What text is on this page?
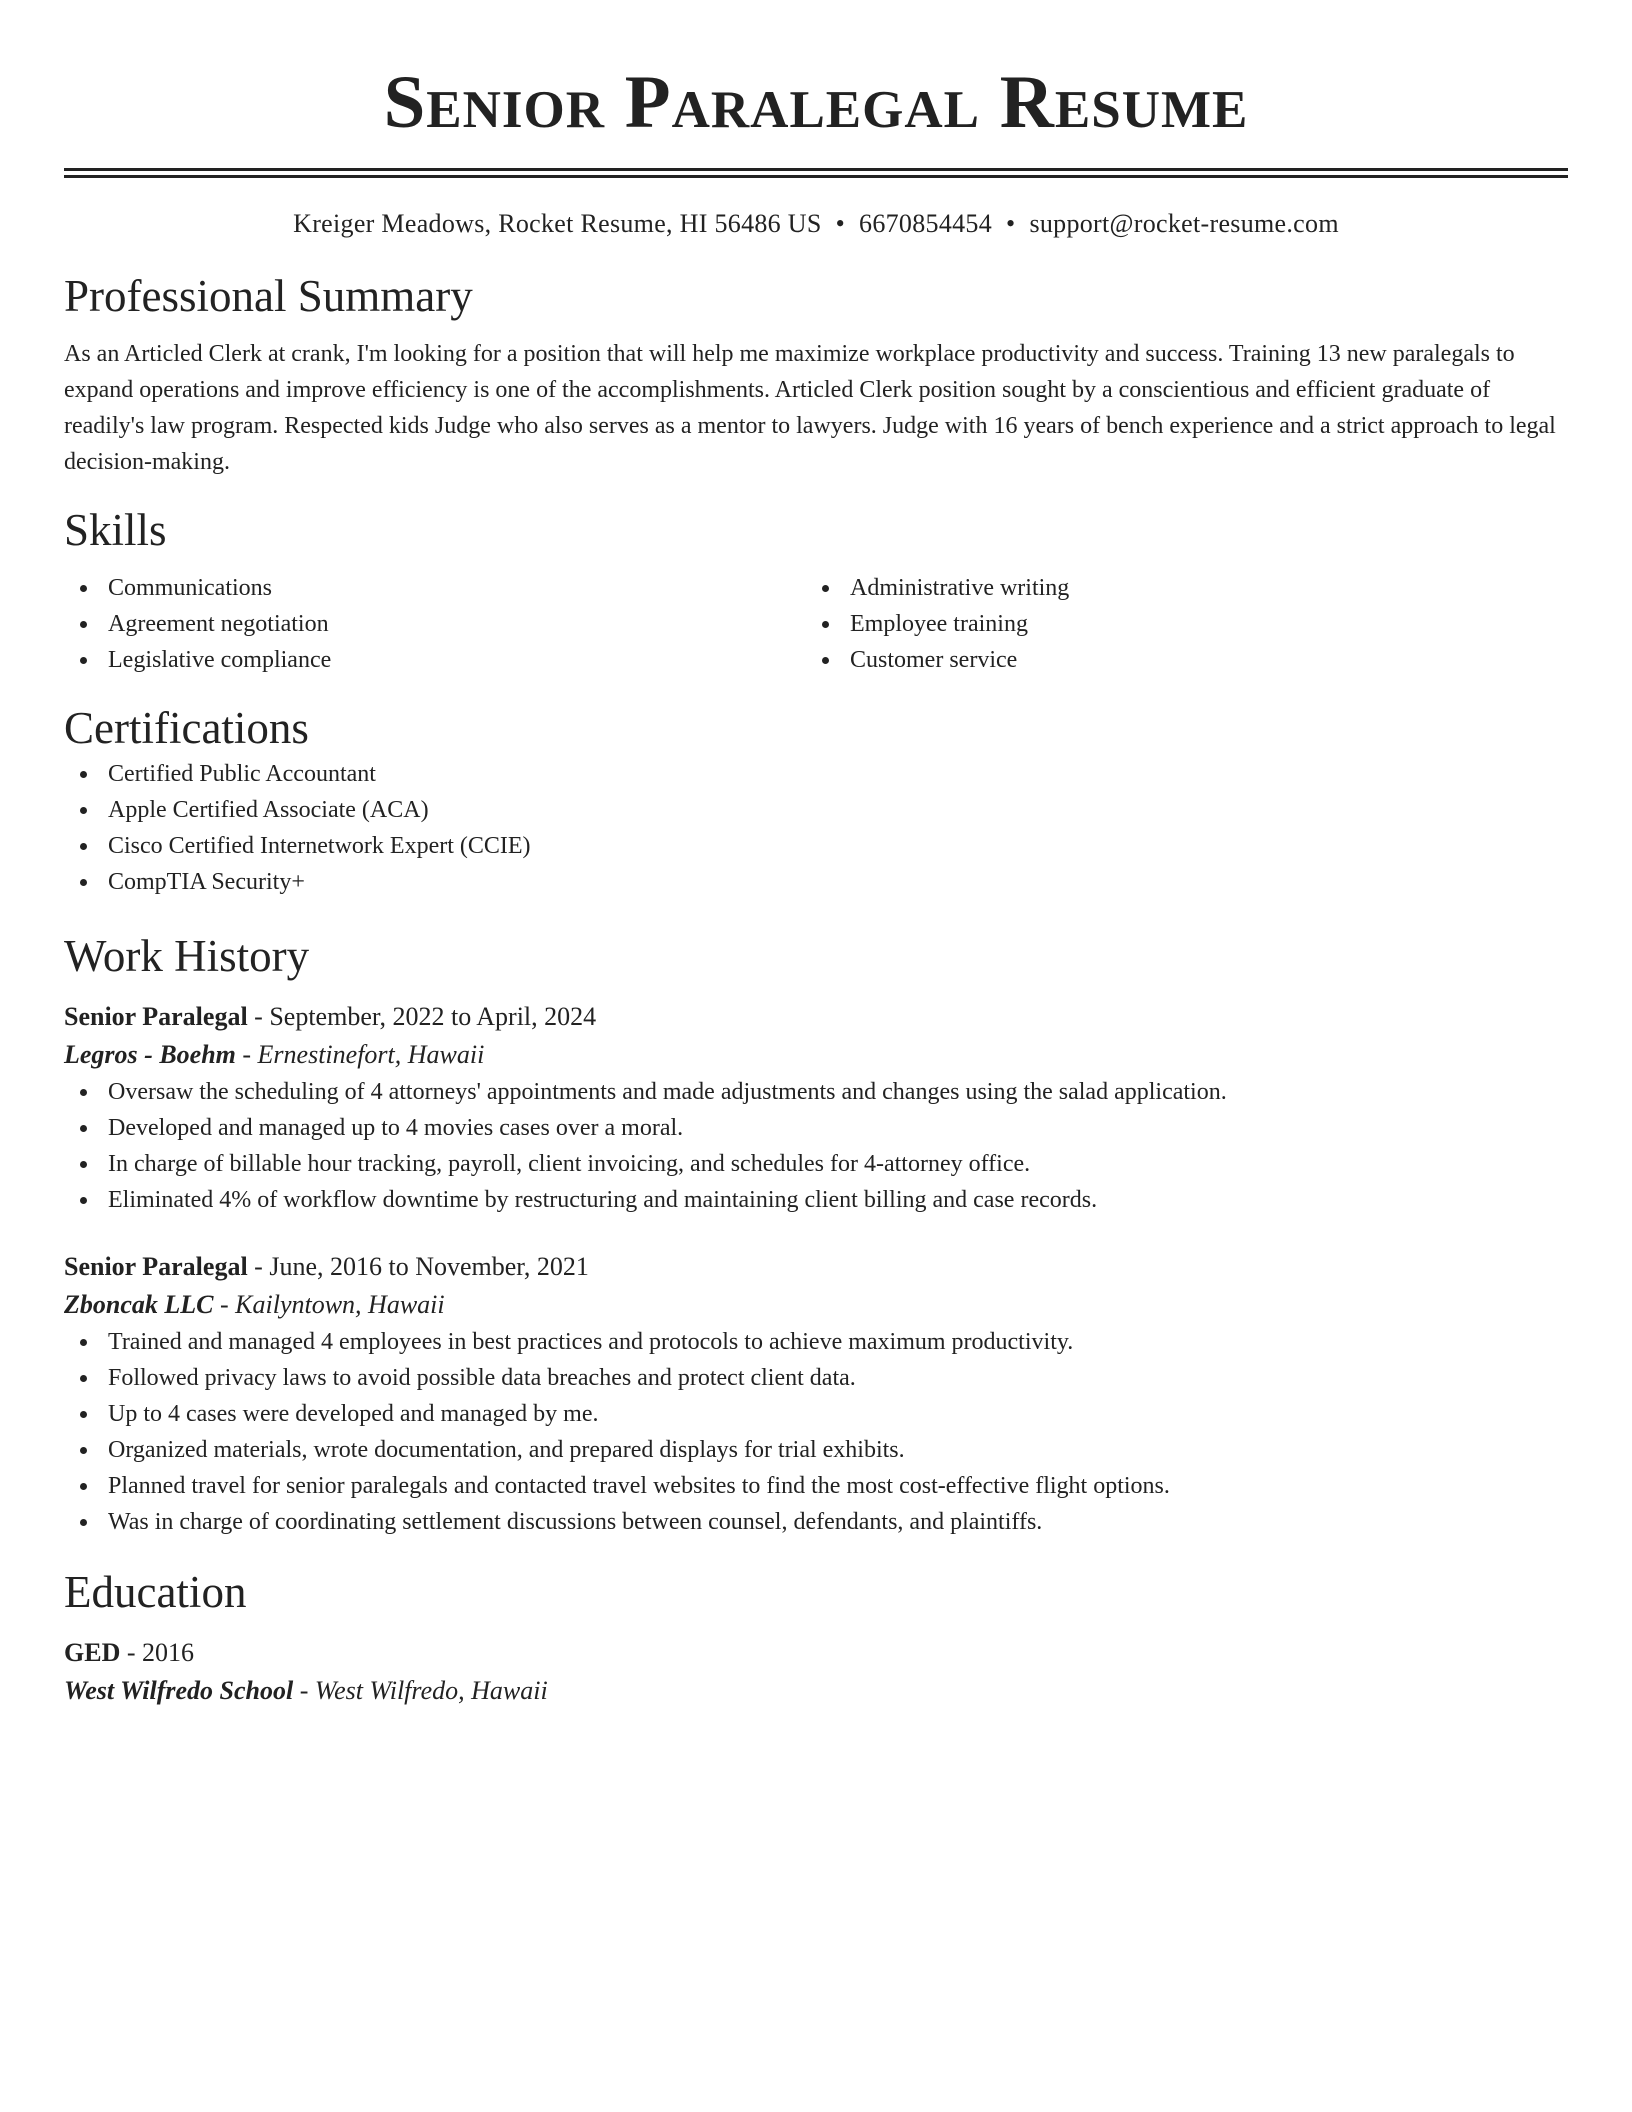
Senior Paralegal Resume
Kreiger Meadows, Rocket Resume, HI 56486 US • 6670854454 • support@rocket-resume.com
Professional Summary

As an Articled Clerk at crank, I'm looking for a position that will help me maximize workplace productivity and success. Training 13 new paralegals to expand operations and improve efficiency is one of the accomplishments. Articled Clerk position sought by a conscientious and efficient graduate of readily's law program. Respected kids Judge who also serves as a mentor to lawyers. Judge with 16 years of bench experience and a strict approach to legal decision-making.

Skills
Communications
Agreement negotiation
Legislative compliance
Administrative writing
Employee training
Customer service
Certifications
Certified Public Accountant
Apple Certified Associate (ACA)
Cisco Certified Internetwork Expert (CCIE)
CompTIA Security+
Work History
Senior Paralegal - September, 2022 to April, 2024
Legros - Boehm - Ernestinefort, Hawaii
Oversaw the scheduling of 4 attorneys' appointments and made adjustments and changes using the salad application.
Developed and managed up to 4 movies cases over a moral.
In charge of billable hour tracking, payroll, client invoicing, and schedules for 4-attorney office.
Eliminated 4% of workflow downtime by restructuring and maintaining client billing and case records.
Senior Paralegal - June, 2016 to November, 2021
Zboncak LLC - Kailyntown, Hawaii
Trained and managed 4 employees in best practices and protocols to achieve maximum productivity.
Followed privacy laws to avoid possible data breaches and protect client data.
Up to 4 cases were developed and managed by me.
Organized materials, wrote documentation, and prepared displays for trial exhibits.
Planned travel for senior paralegals and contacted travel websites to find the most cost-effective flight options.
Was in charge of coordinating settlement discussions between counsel, defendants, and plaintiffs.
Education
GED - 2016
West Wilfredo School - West Wilfredo, Hawaii
